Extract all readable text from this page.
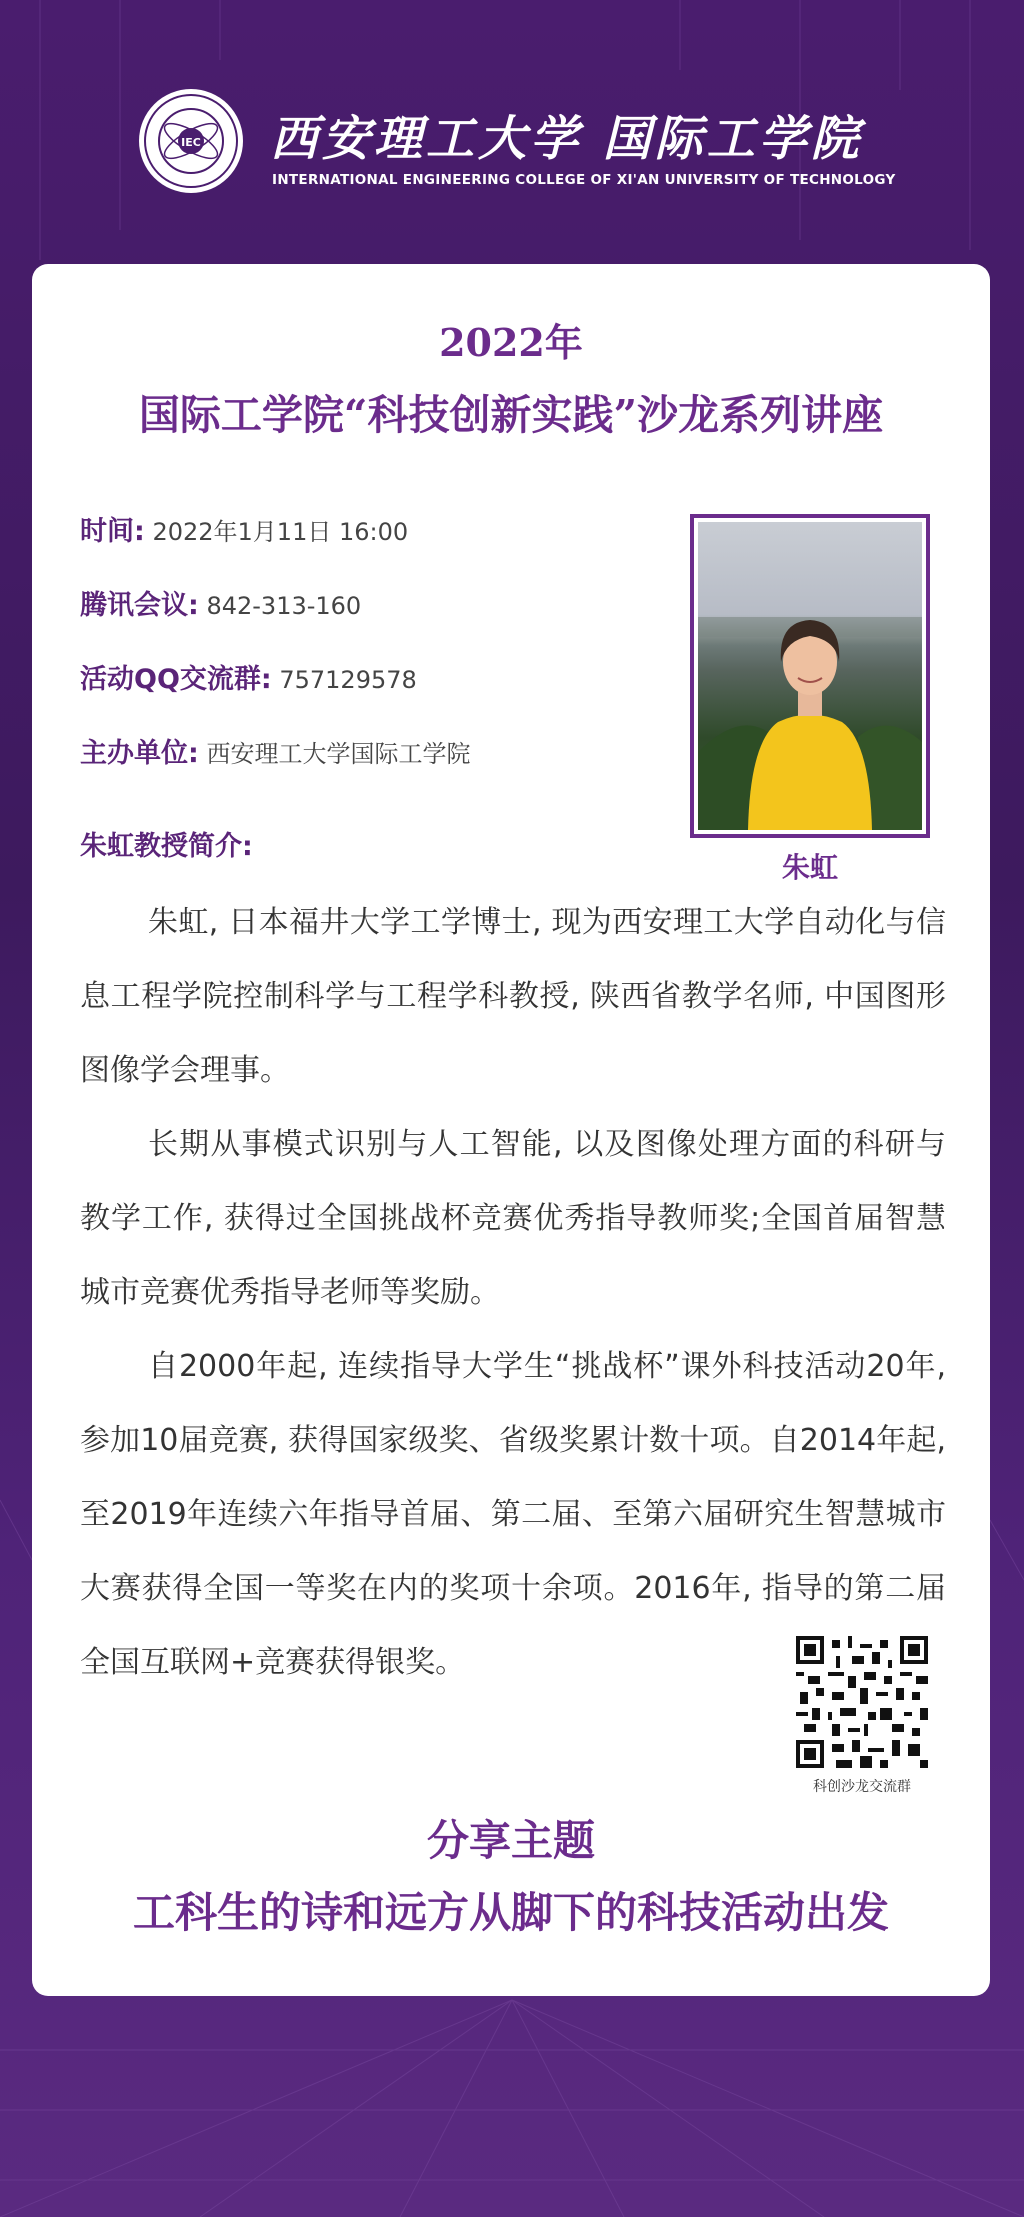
IEC 西安理工大学 国际工学院
INTERNATIONAL ENGINEERING COLLEGE OF XI'AN UNIVERSITY OF TECHNOLOGY
2022年
国际工学院“科技创新实践”沙龙系列讲座
时间: 2022年1月11日 16:00
腾讯会议: 842-313-160
活动QQ交流群: 757129578
主办单位: 西安理工大学国际工学院
朱虹
朱虹教授简介:

朱虹, 日本福井大学工学博士, 现为西安理工大学自动化与信息工程学院控制科学与工程学科教授, 陕西省教学名师, 中国图形图像学会理事。

长期从事模式识别与人工智能, 以及图像处理方面的科研与教学工作, 获得过全国挑战杯竞赛优秀指导教师奖;全国首届智慧城市竞赛优秀指导老师等奖励。

自2000年起, 连续指导大学生“挑战杯”课外科技活动20年, 参加10届竞赛, 获得国家级奖、省级奖累计数十项。自2014年起, 至2019年连续六年指导首届、第二届、至第六届研究生智慧城市大赛获得全国一等奖在内的奖项十余项。2016年, 指导的第二届全国互联网+竞赛获得银奖。

科创沙龙交流群
分享主题
工科生的诗和远方从脚下的科技活动出发
